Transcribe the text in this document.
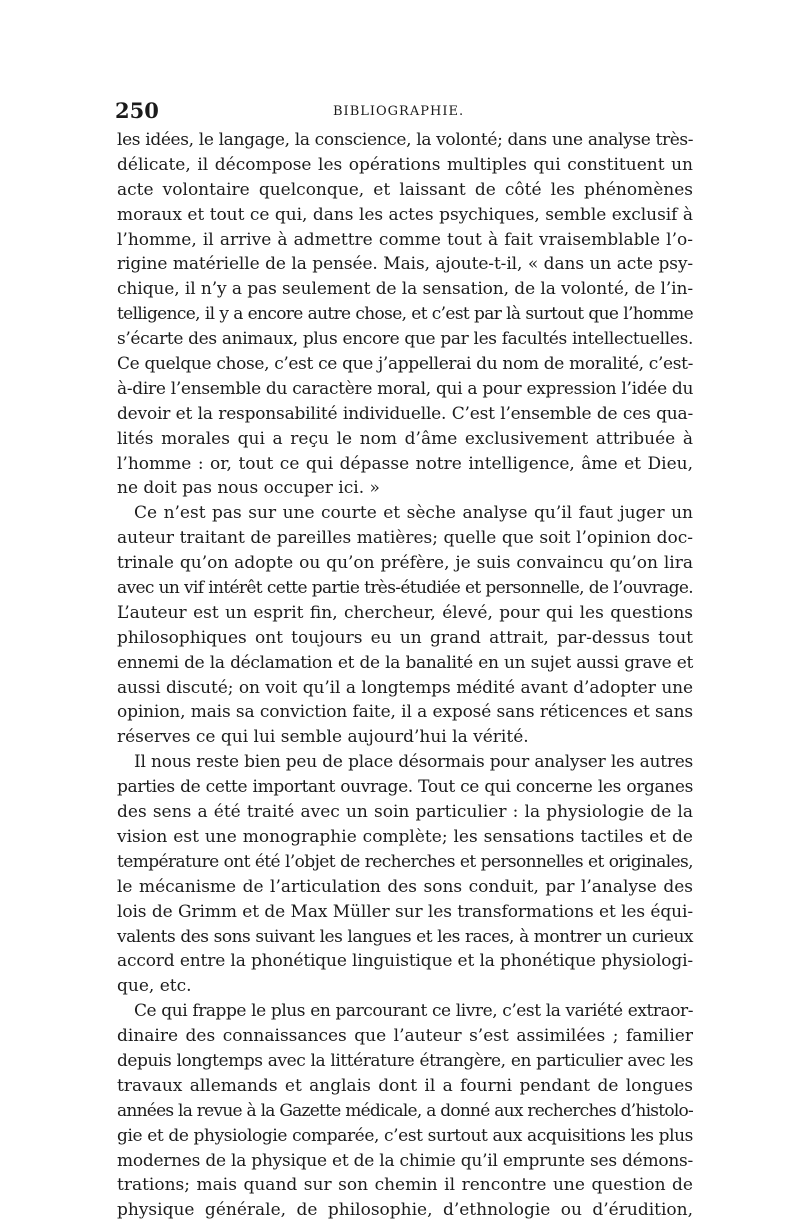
250	BIBLIOGRAPHIE.
les idées, le langage, la conscience, la volonté; dans une analyse très-
délicate, il décompose les opérations multiples qui constituent un
acte volontaire quelconque, et laissant de côté les phénomènes
moraux et tout ce qui, dans les actes psychiques, semble exclusif à
l’homme, il arrive à admettre comme tout à fait vraisemblable l’o-
rigine matérielle de la pensée. Mais, ajoute-t-il, « dans un acte psy-
chique, il n’y a pas seulement de la sensation, de la volonté, de l’in-
telligence, il y a encore autre chose, et c’est par là surtout que l’homme
s’écarte des animaux, plus encore que par les facultés intellectuelles.
Ce quelque chose, c’est ce que j’appellerai du nom de moralité, c’est-
à-dire l’ensemble du caractère moral, qui a pour expression l’idée du
devoir et la responsabilité individuelle. C’est l’ensemble de ces qua-
lités morales qui a reçu le nom d’âme exclusivement attribuée à
l’homme : or, tout ce qui dépasse notre intelligence, âme et Dieu,
ne doit pas nous occuper ici. »
Ce n’est pas sur une courte et sèche analyse qu’il faut juger un
auteur traitant de pareilles matières; quelle que soit l’opinion doc-
trinale qu’on adopte ou qu’on préfère, je suis convaincu qu’on lira
avec un vif intérêt cette partie très-étudiée et personnelle, de l’ouvrage.
L’auteur est un esprit fin, chercheur, élevé, pour qui les questions
philosophiques ont toujours eu un grand attrait, par-dessus tout
ennemi de la déclamation et de la banalité en un sujet aussi grave et
aussi discuté; on voit qu’il a longtemps médité avant d’adopter une
opinion, mais sa conviction faite, il a exposé sans réticences et sans
réserves ce qui lui semble aujourd’hui la vérité.
Il nous reste bien peu de place désormais pour analyser les autres
parties de cette important ouvrage. Tout ce qui concerne les organes
des sens a été traité avec un soin particulier : la physiologie de la
vision est une monographie complète; les sensations tactiles et de
température ont été l’objet de recherches et personnelles et originales,
le mécanisme de l’articulation des sons conduit, par l’analyse des
lois de Grimm et de Max Müller sur les transformations et les équi-
valents des sons suivant les langues et les races, à montrer un curieux
accord entre la phonétique linguistique et la phonétique physiologi-
que, etc.
Ce qui frappe le plus en parcourant ce livre, c’est la variété extraor-
dinaire des connaissances que l’auteur s’est assimilées ; familier
depuis longtemps avec la littérature étrangère, en particulier avec les
travaux allemands et anglais dont il a fourni pendant de longues
années la revue à la Gazette médicale, a donné aux recherches d’histolo-
gie et de physiologie comparée, c’est surtout aux acquisitions les plus
modernes de la physique et de la chimie qu’il emprunte ses démons-
trations; mais quand sur son chemin il rencontre une question de
physique générale, de philosophie, d’ethnologie ou d’érudition,
